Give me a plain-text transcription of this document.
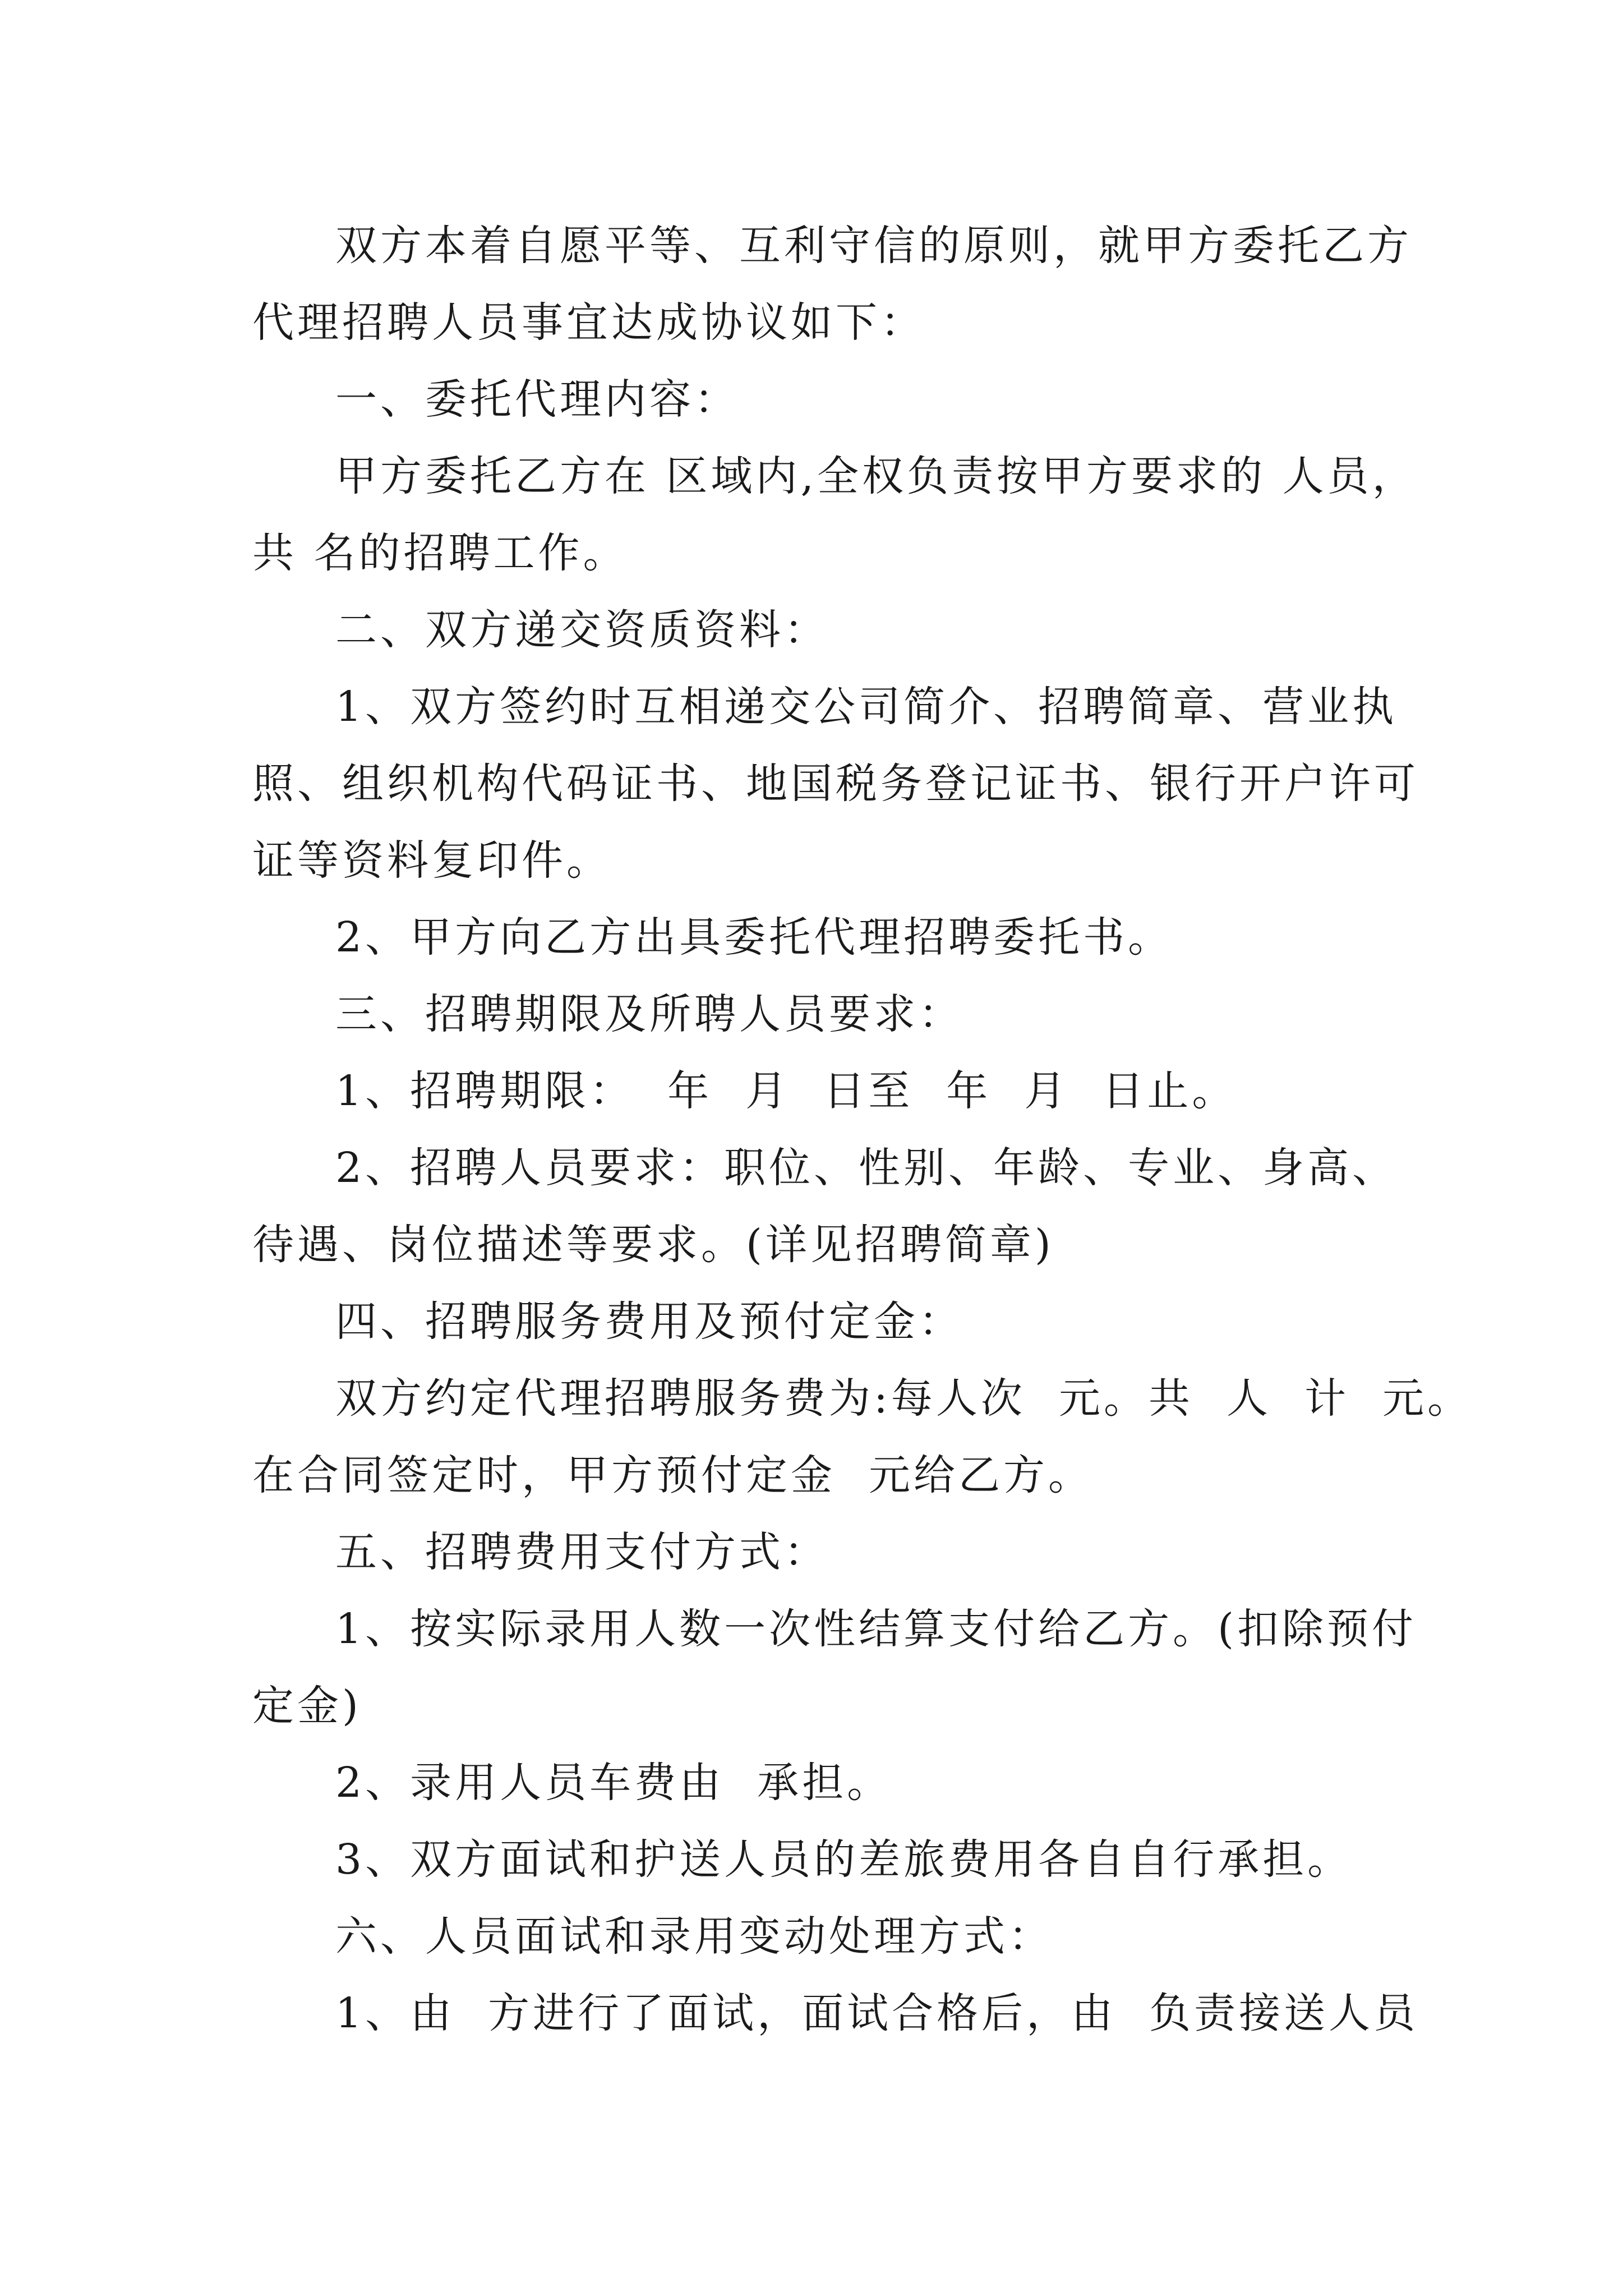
双方本着自愿平等、互利守信的原则，就甲方委托乙方
代理招聘人员事宜达成协议如下：
一、委托代理内容：
甲方委托乙方在 区域内,全权负责按甲方要求的 人员，
共 名的招聘工作。
二、双方递交资质资料：
1、双方签约时互相递交公司简介、招聘简章、营业执
照、组织机构代码证书、地国税务登记证书、银行开户许可
证等资料复印件。
2、甲方向乙方出具委托代理招聘委托书。
三、招聘期限及所聘人员要求：
1、招聘期限：  年  月  日至  年  月  日止。
2、招聘人员要求：职位、性别、年龄、专业、身高、
待遇、岗位描述等要求。(详见招聘简章)
四、招聘服务费用及预付定金：
双方约定代理招聘服务费为:每人次  元。共  人  计  元。
在合同签定时，甲方预付定金  元给乙方。
五、招聘费用支付方式：
1、按实际录用人数一次性结算支付给乙方。(扣除预付
定金)
2、录用人员车费由  承担。
3、双方面试和护送人员的差旅费用各自自行承担。
六、人员面试和录用变动处理方式：
1、由  方进行了面试，面试合格后，由  负责接送人员
